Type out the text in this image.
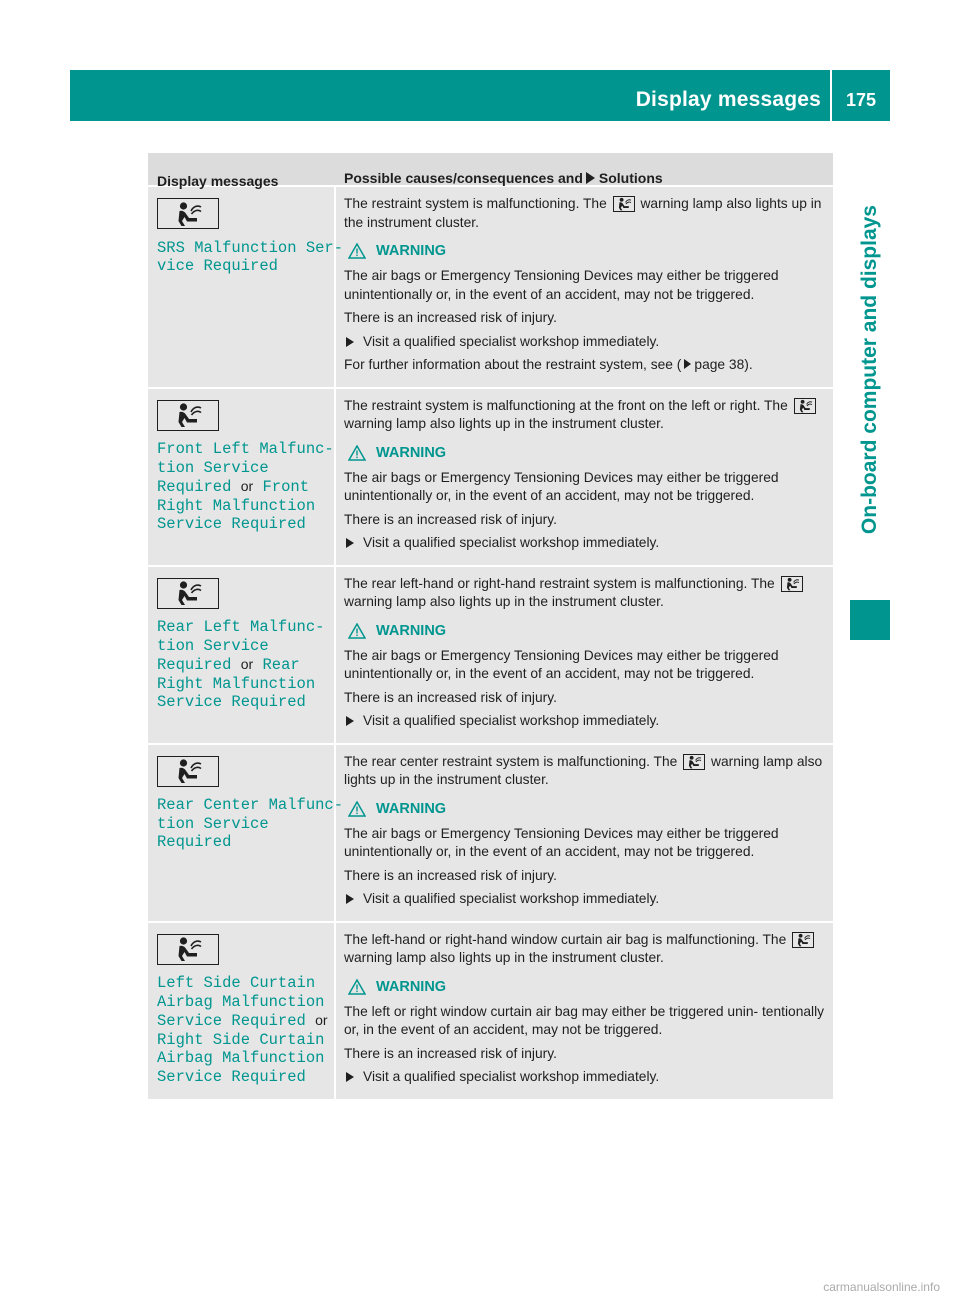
Display messages	175
On-board computer and displays
Display messages	Possible causes/consequences and Solutions
SRS Malfunction Ser‐
vice Required
The restraint system is malfunctioning. The warning lamp also lights up in the instrument cluster.
WARNING
The air bags or Emergency Tensioning Devices may either be triggered unintentionally or, in the event of an accident, may not be triggered.
There is an increased risk of injury.
Visit a qualified specialist workshop immediately.
For further information about the restraint system, see ( page 38).
Front Left Malfunc‐
tion Service
Required or Front
Right Malfunction
Service Required
The restraint system is malfunctioning at the front on the left or right. The
warning lamp also lights up in the instrument cluster.
WARNING
The air bags or Emergency Tensioning Devices may either be triggered unintentionally or, in the event of an accident, may not be triggered.
There is an increased risk of injury.
Visit a qualified specialist workshop immediately.
Rear Left Malfunc‐
tion Service
Required or Rear
Right Malfunction
Service Required
The rear left-hand or right-hand restraint system is malfunctioning. The
warning lamp also lights up in the instrument cluster.
WARNING
The air bags or Emergency Tensioning Devices may either be triggered unintentionally or, in the event of an accident, may not be triggered.
There is an increased risk of injury.
Visit a qualified specialist workshop immediately.
Rear Center Malfunc‐
tion Service
Required
The rear center restraint system is malfunctioning. The warning lamp also lights up in the instrument cluster.
WARNING
The air bags or Emergency Tensioning Devices may either be triggered unintentionally or, in the event of an accident, may not be triggered.
There is an increased risk of injury.
Visit a qualified specialist workshop immediately.
Left Side Curtain
Airbag Malfunction
Service Required or
Right Side Curtain
Airbag Malfunction
Service Required
The left-hand or right-hand window curtain air bag is malfunctioning. The
warning lamp also lights up in the instrument cluster.
WARNING
The left or right window curtain air bag may either be triggered unin‐ tentionally or, in the event of an accident, may not be triggered.
There is an increased risk of injury.
Visit a qualified specialist workshop immediately.
carmanualsonline.info
